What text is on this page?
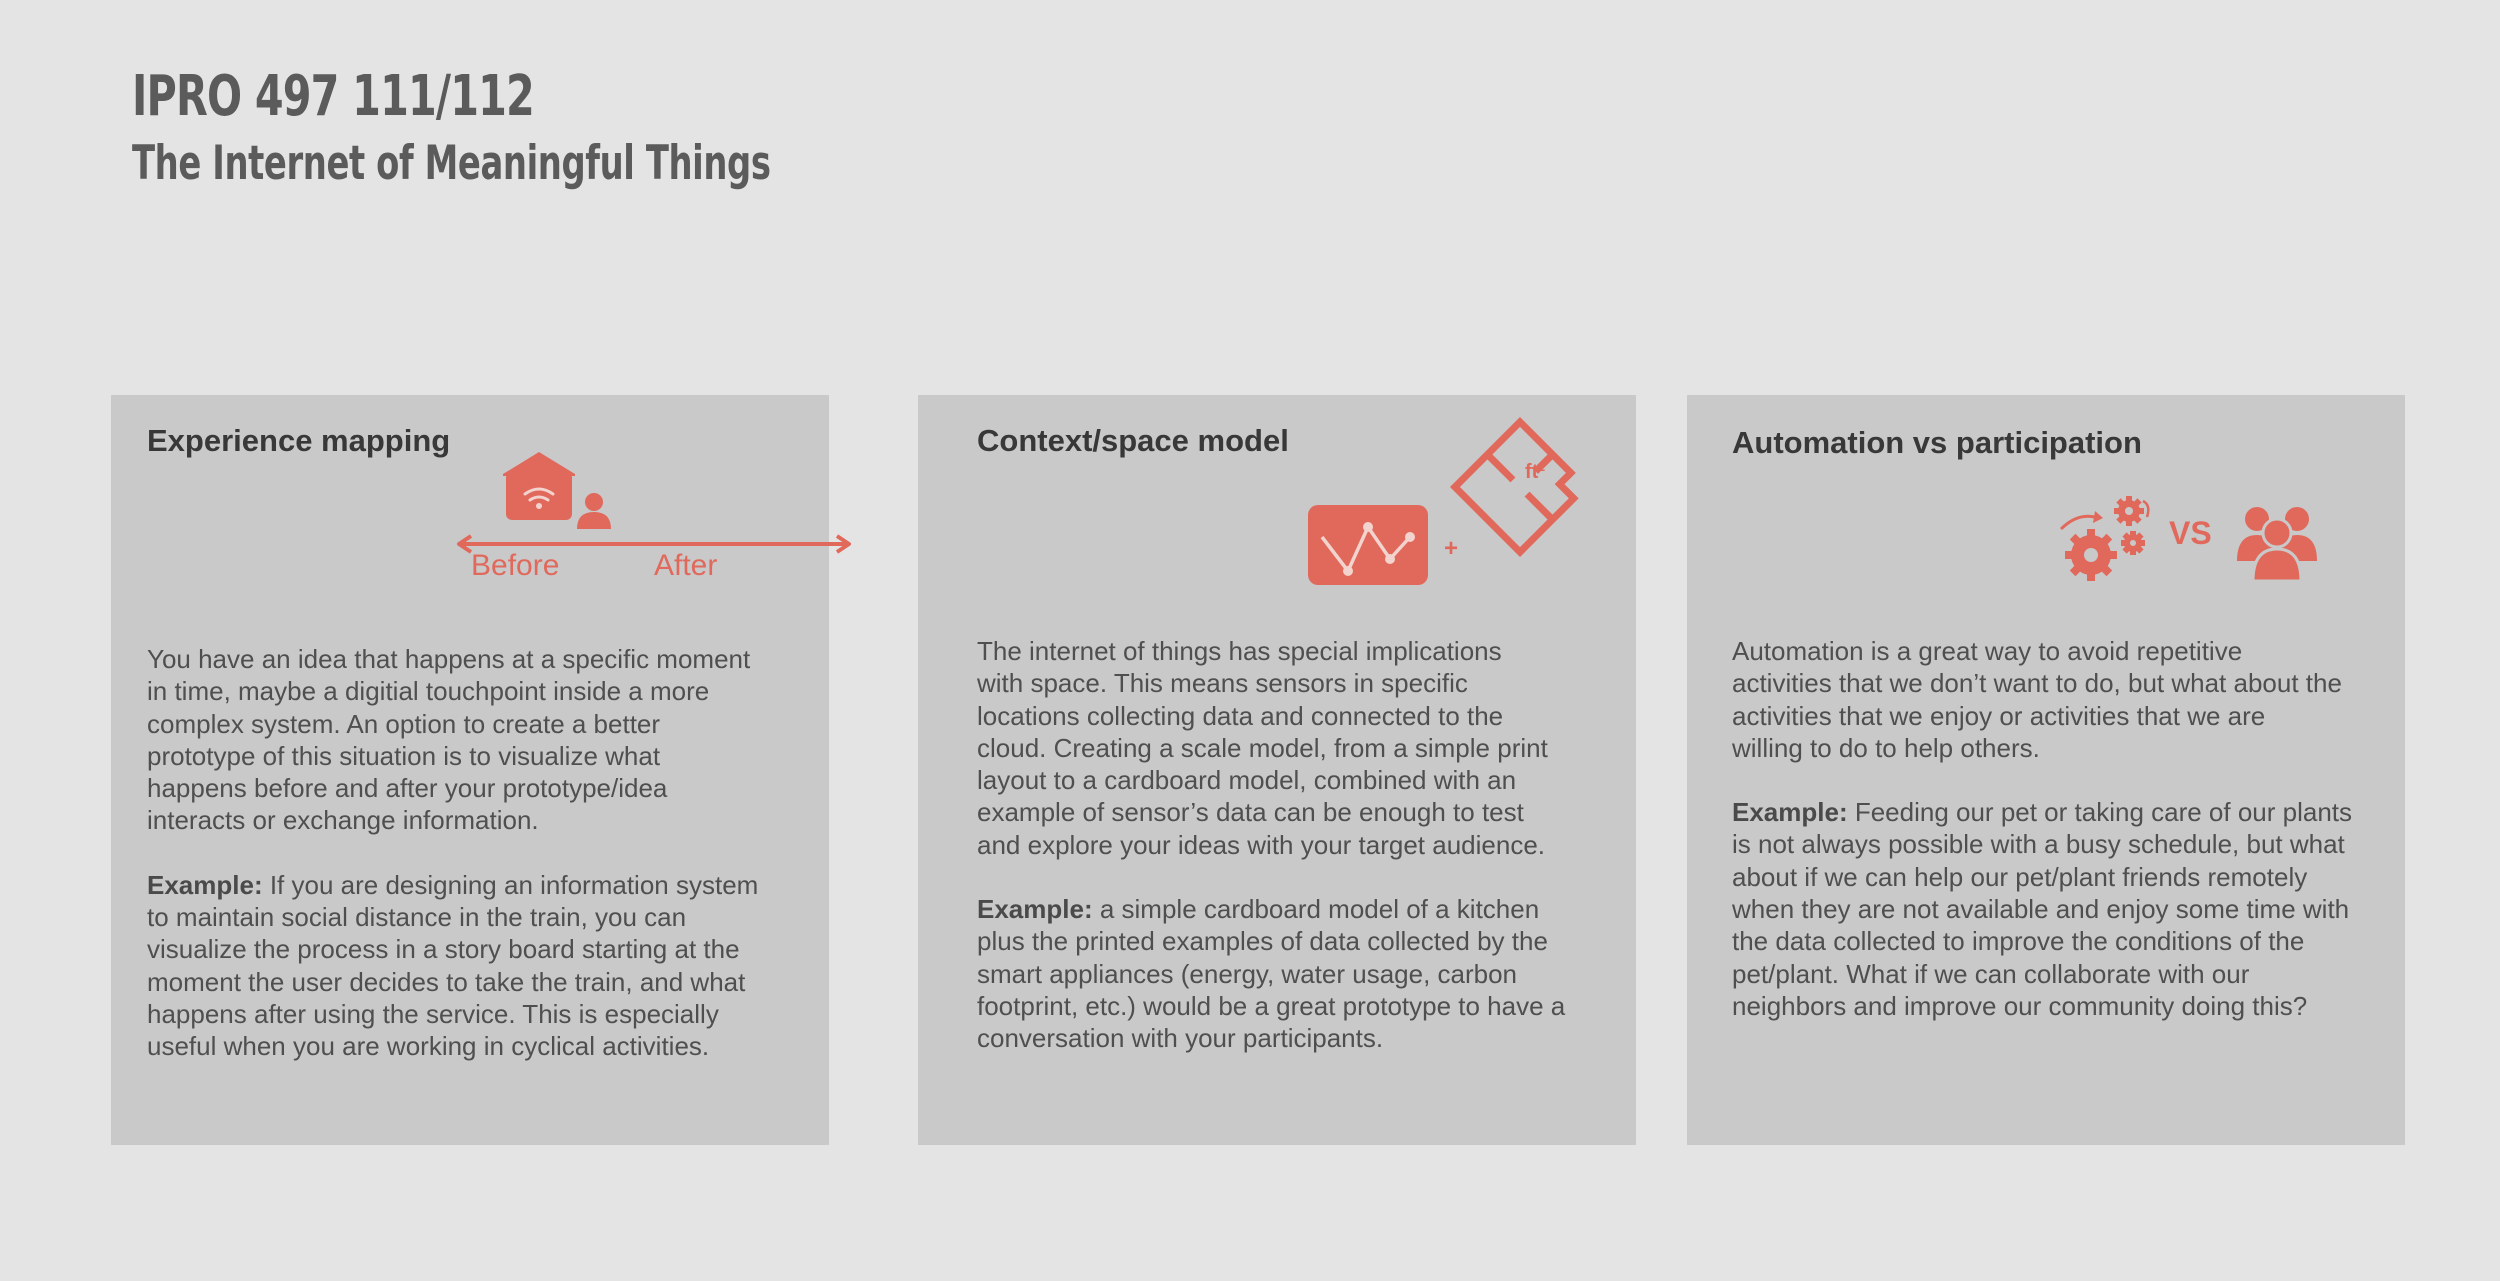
IPRO 497 111/112
The Internet of Meaningful Things
Experience mapping
Before	After

You have an idea that happens at a specific moment
in time, maybe a digitial touchpoint inside a more
complex system. An option to create a better
prototype of this situation is to visualize what
happens before and after your prototype/idea
interacts or exchange information.

Example: If you are designing an information system
to maintain social distance in the train, you can
visualize the process in a story board starting at the
moment the user decides to take the train, and what
happens after using the service. This is especially
useful when you are working in cyclical activities.

Context/space model
+
ft²

The internet of things has special implications
with space. This means sensors in specific
locations collecting data and connected to the
cloud. Creating a scale model, from a simple print
layout to a cardboard model, combined with an
example of sensor’s data can be enough to test
and explore your ideas with your target audience.

Example: a simple cardboard model of a kitchen
plus the printed examples of data collected by the
smart appliances (energy, water usage, carbon
footprint, etc.) would be a great prototype to have a
conversation with your participants.

Automation vs participation
VS

Automation is a great way to avoid repetitive
activities that we don’t want to do, but what about the
activities that we enjoy or activities that we are
willing to do to help others.

Example: Feeding our pet or taking care of our plants
is not always possible with a busy schedule, but what
about if we can help our pet/plant friends remotely
when they are not available and enjoy some time with
the data collected to improve the conditions of the
pet/plant. What if we can collaborate with our
neighbors and improve our community doing this?
